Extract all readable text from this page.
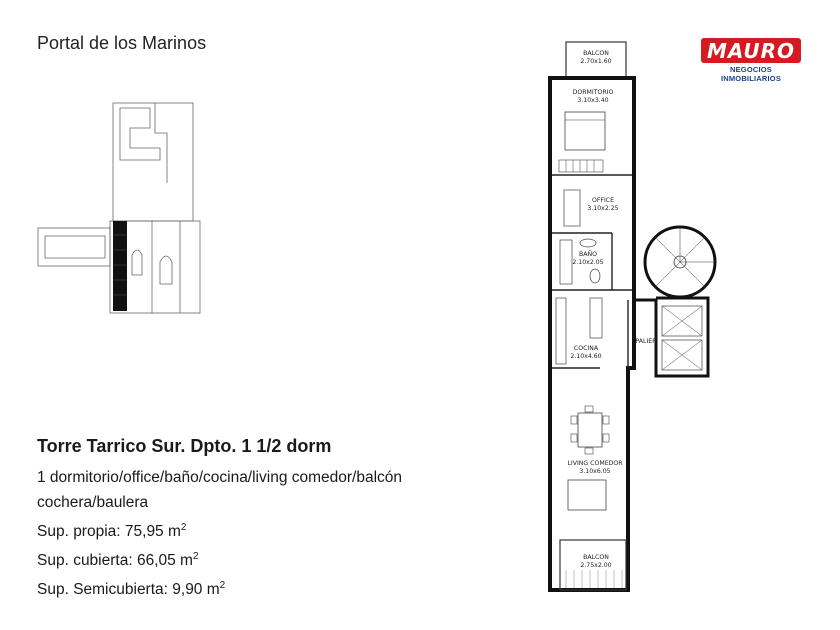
Portal de los Marinos	MAURO
NEGOCIOS INMOBILIARIOS
BALCON
2.70x1.60
DORMITORIO
3.10x3.40
OFFICE
3.10x2.25
BAÑO
2.10x2.05
COCINA
2.10x4.60
PALIER
LIVING COMEDOR
3.10x6.05
BALCON
2.75x2.00
Torre Tarrico Sur. Dpto. 1 1/2 dorm
1 dormitorio/office/baño/cocina/living comedor/balcón
cochera/baulera
Sup. propia: 75,95 $m^2$
Sup. cubierta: 66,05 $m^2$
Sup. Semicubierta: 9,90 $m^2$
